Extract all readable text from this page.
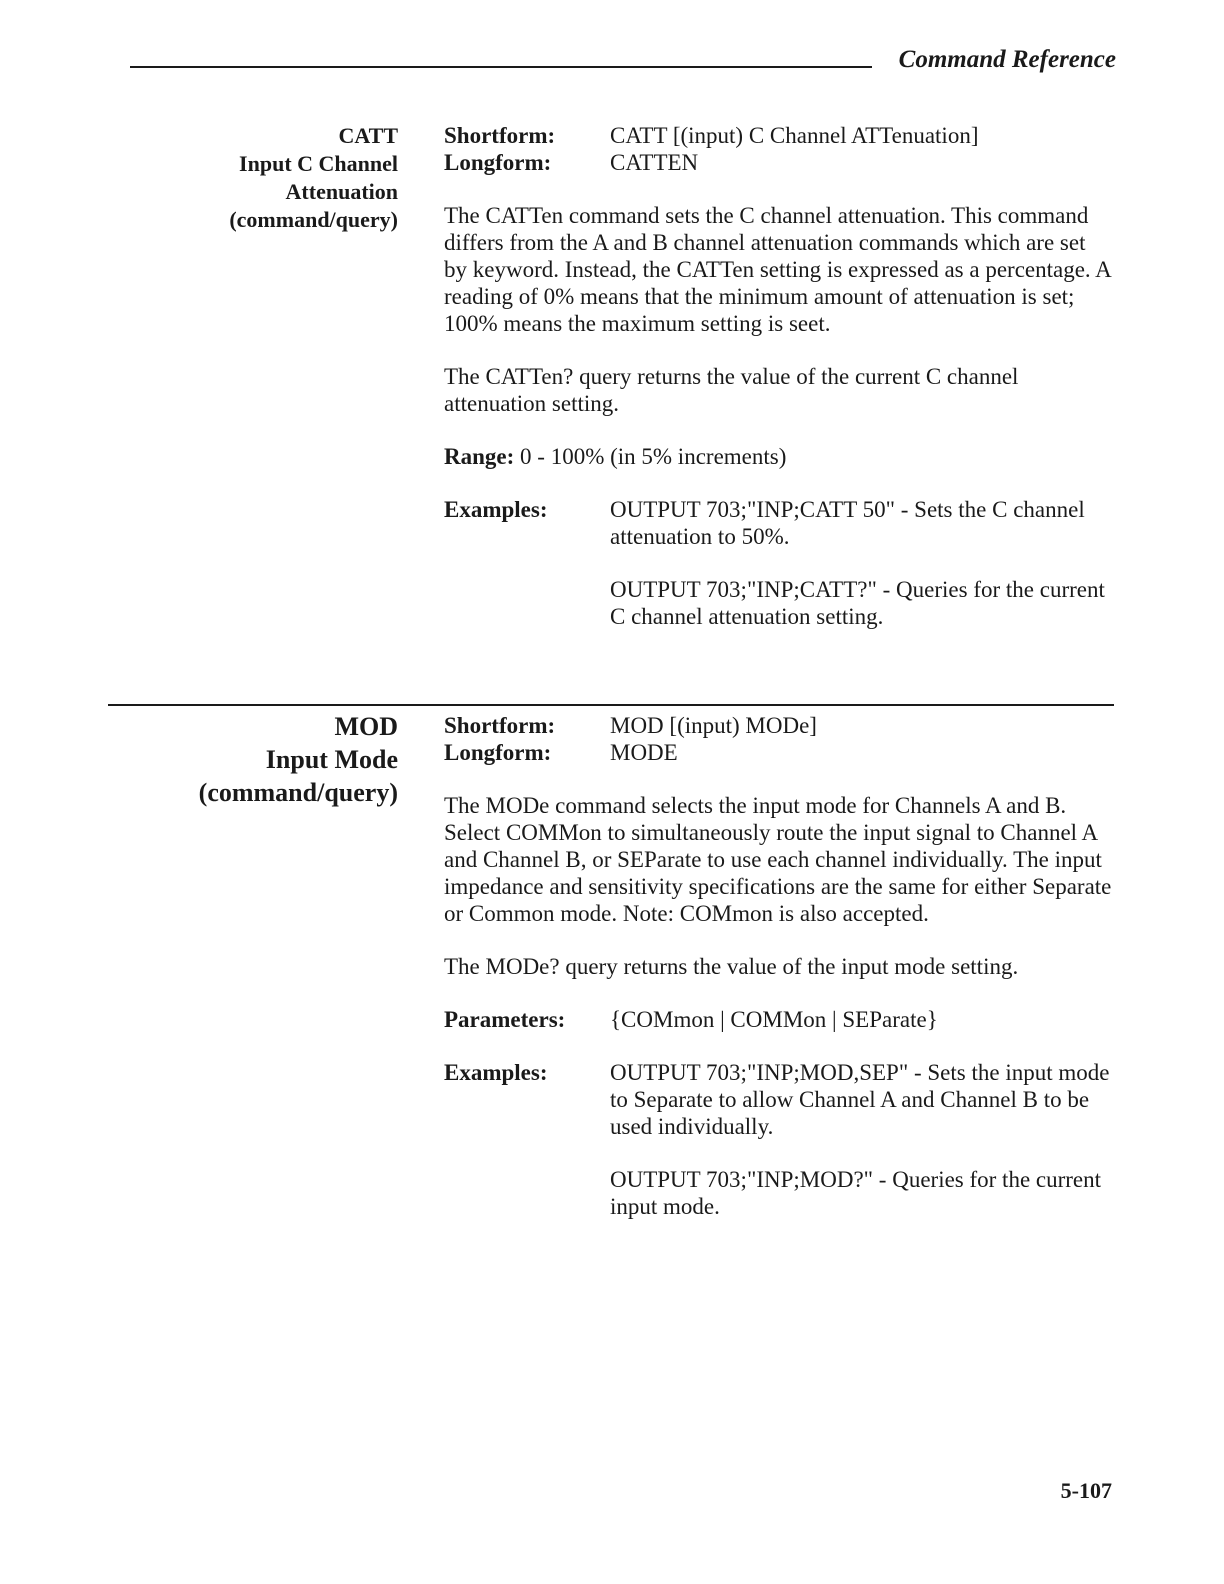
Command Reference
CATT
Input C Channel
Attenuation
(command/query)
Shortform:	CATT [(input) C Channel ATTenuation]
Longform:	CATTEN

The CATTen command sets the C channel attenuation. This command differs from the A and B channel attenuation commands which are set by keyword. Instead, the CATTen setting is expressed as a percentage. A reading of 0% means that the minimum amount of attenuation is set; 100% means the maximum setting is seet.

The CATTen? query returns the value of the current C channel attenuation setting.

Range: 0 - 100% (in 5% increments)

Examples:	OUTPUT 703;"INP;CATT 50" - Sets the C channel attenuation to 50%.

OUTPUT 703;"INP;CATT?" - Queries for the current C channel attenuation setting.

MOD
Input Mode
(command/query)
Shortform:	MOD [(input) MODe]
Longform:	MODE

The MODe command selects the input mode for Channels A and B. Select COMMon to simultaneously route the input signal to Channel A and Channel B, or SEParate to use each channel individually. The input impedance and sensitivity specifications are the same for either Separate or Common mode. Note: COMmon is also accepted.

The MODe? query returns the value of the input mode setting.

Parameters:	{COMmon | COMMon | SEParate}
Examples:	OUTPUT 703;"INP;MOD,SEP" - Sets the input mode to Separate to allow Channel A and Channel B to be used individually.

OUTPUT 703;"INP;MOD?" - Queries for the current input mode.

5-107
